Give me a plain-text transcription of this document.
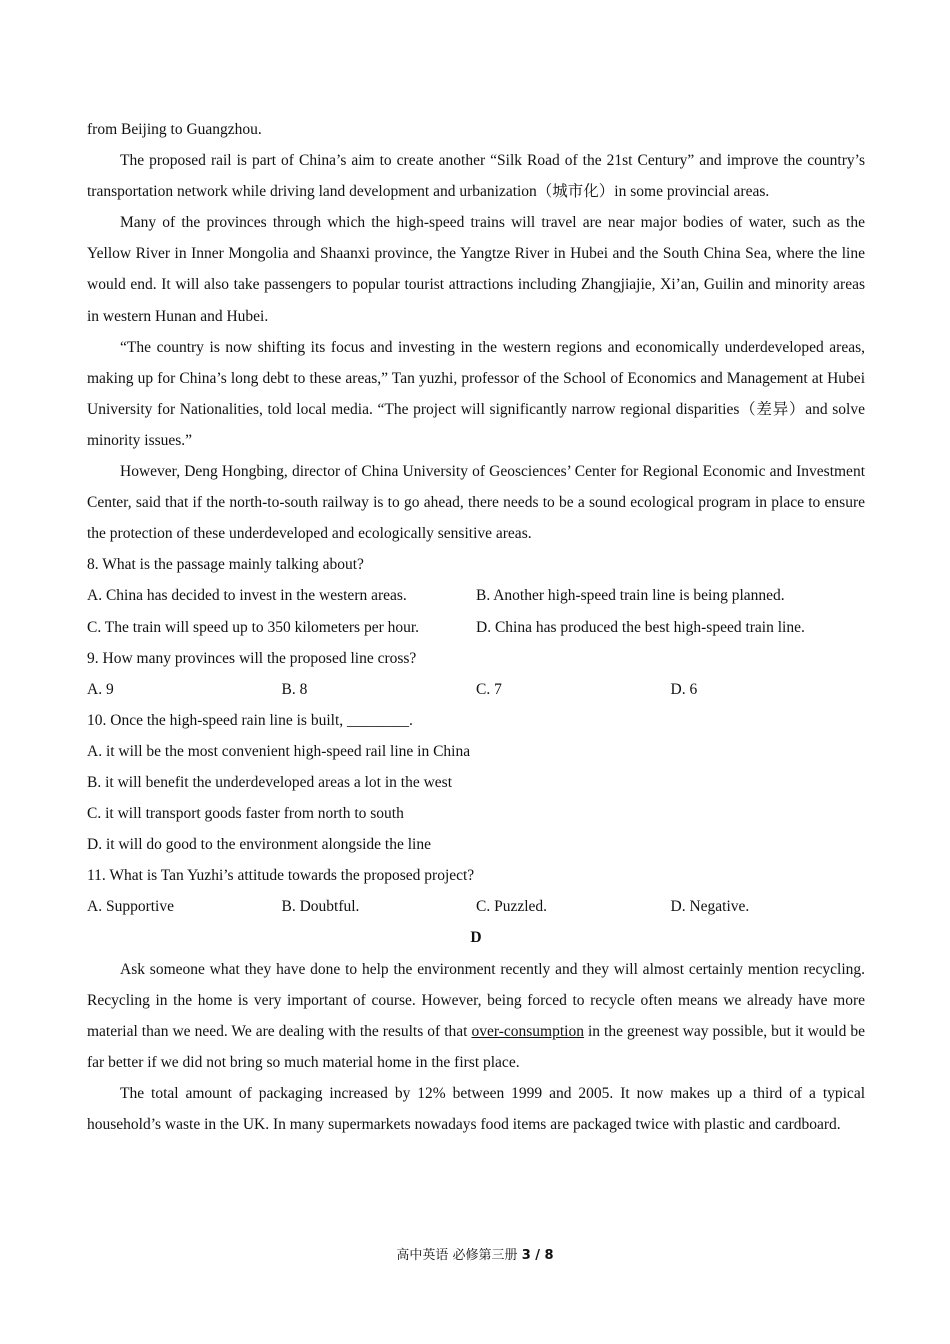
from Beijing to Guangzhou.

The proposed rail is part of China’s aim to create another “Silk Road of the 21st Century” and improve the country’s transportation network while driving land development and urbanization（城市化）in some provincial areas.

Many of the provinces through which the high-speed trains will travel are near major bodies of water, such as the Yellow River in Inner Mongolia and Shaanxi province, the Yangtze River in Hubei and the South China Sea, where the line would end. It will also take passengers to popular tourist attractions including Zhangjiajie, Xi’an, Guilin and minority areas in western Hunan and Hubei.

“The country is now shifting its focus and investing in the western regions and economically underdeveloped areas, making up for China’s long debt to these areas,” Tan yuzhi, professor of the School of Economics and Management at Hubei University for Nationalities, told local media. “The project will significantly narrow regional disparities（差异）and solve minority issues.”

However, Deng Hongbing, director of China University of Geosciences’ Center for Regional Economic and Investment Center, said that if the north-to-south railway is to go ahead, there needs to be a sound ecological program in place to ensure the protection of these underdeveloped and ecologically sensitive areas.

8. What is the passage mainly talking about?
A. China has decided to invest in the western areas.	B. Another high-speed train line is being planned.
C. The train will speed up to 350 kilometers per hour.	D. China has produced the best high-speed train line.
9. How many provinces will the proposed line cross?
A. 9	B. 8	C. 7	D. 6
10. Once the high-speed rain line is built, ________.
A. it will be the most convenient high-speed rail line in China
B. it will benefit the underdeveloped areas a lot in the west
C. it will transport goods faster from north to south
D. it will do good to the environment alongside the line
11. What is Tan Yuzhi’s attitude towards the proposed project?
A. Supportive	B. Doubtful.	C. Puzzled.	D. Negative.
D

Ask someone what they have done to help the environment recently and they will almost certainly mention recycling. Recycling in the home is very important of course. However, being forced to recycle often means we already have more material than we need. We are dealing with the results of that over-consumption in the greenest way possible, but it would be far better if we did not bring so much material home in the first place.

The total amount of packaging increased by 12% between 1999 and 2005. It now makes up a third of a typical household’s waste in the UK. In many supermarkets nowadays food items are packaged twice with plastic and cardboard.

高中英语 必修第三册 3 / 8
